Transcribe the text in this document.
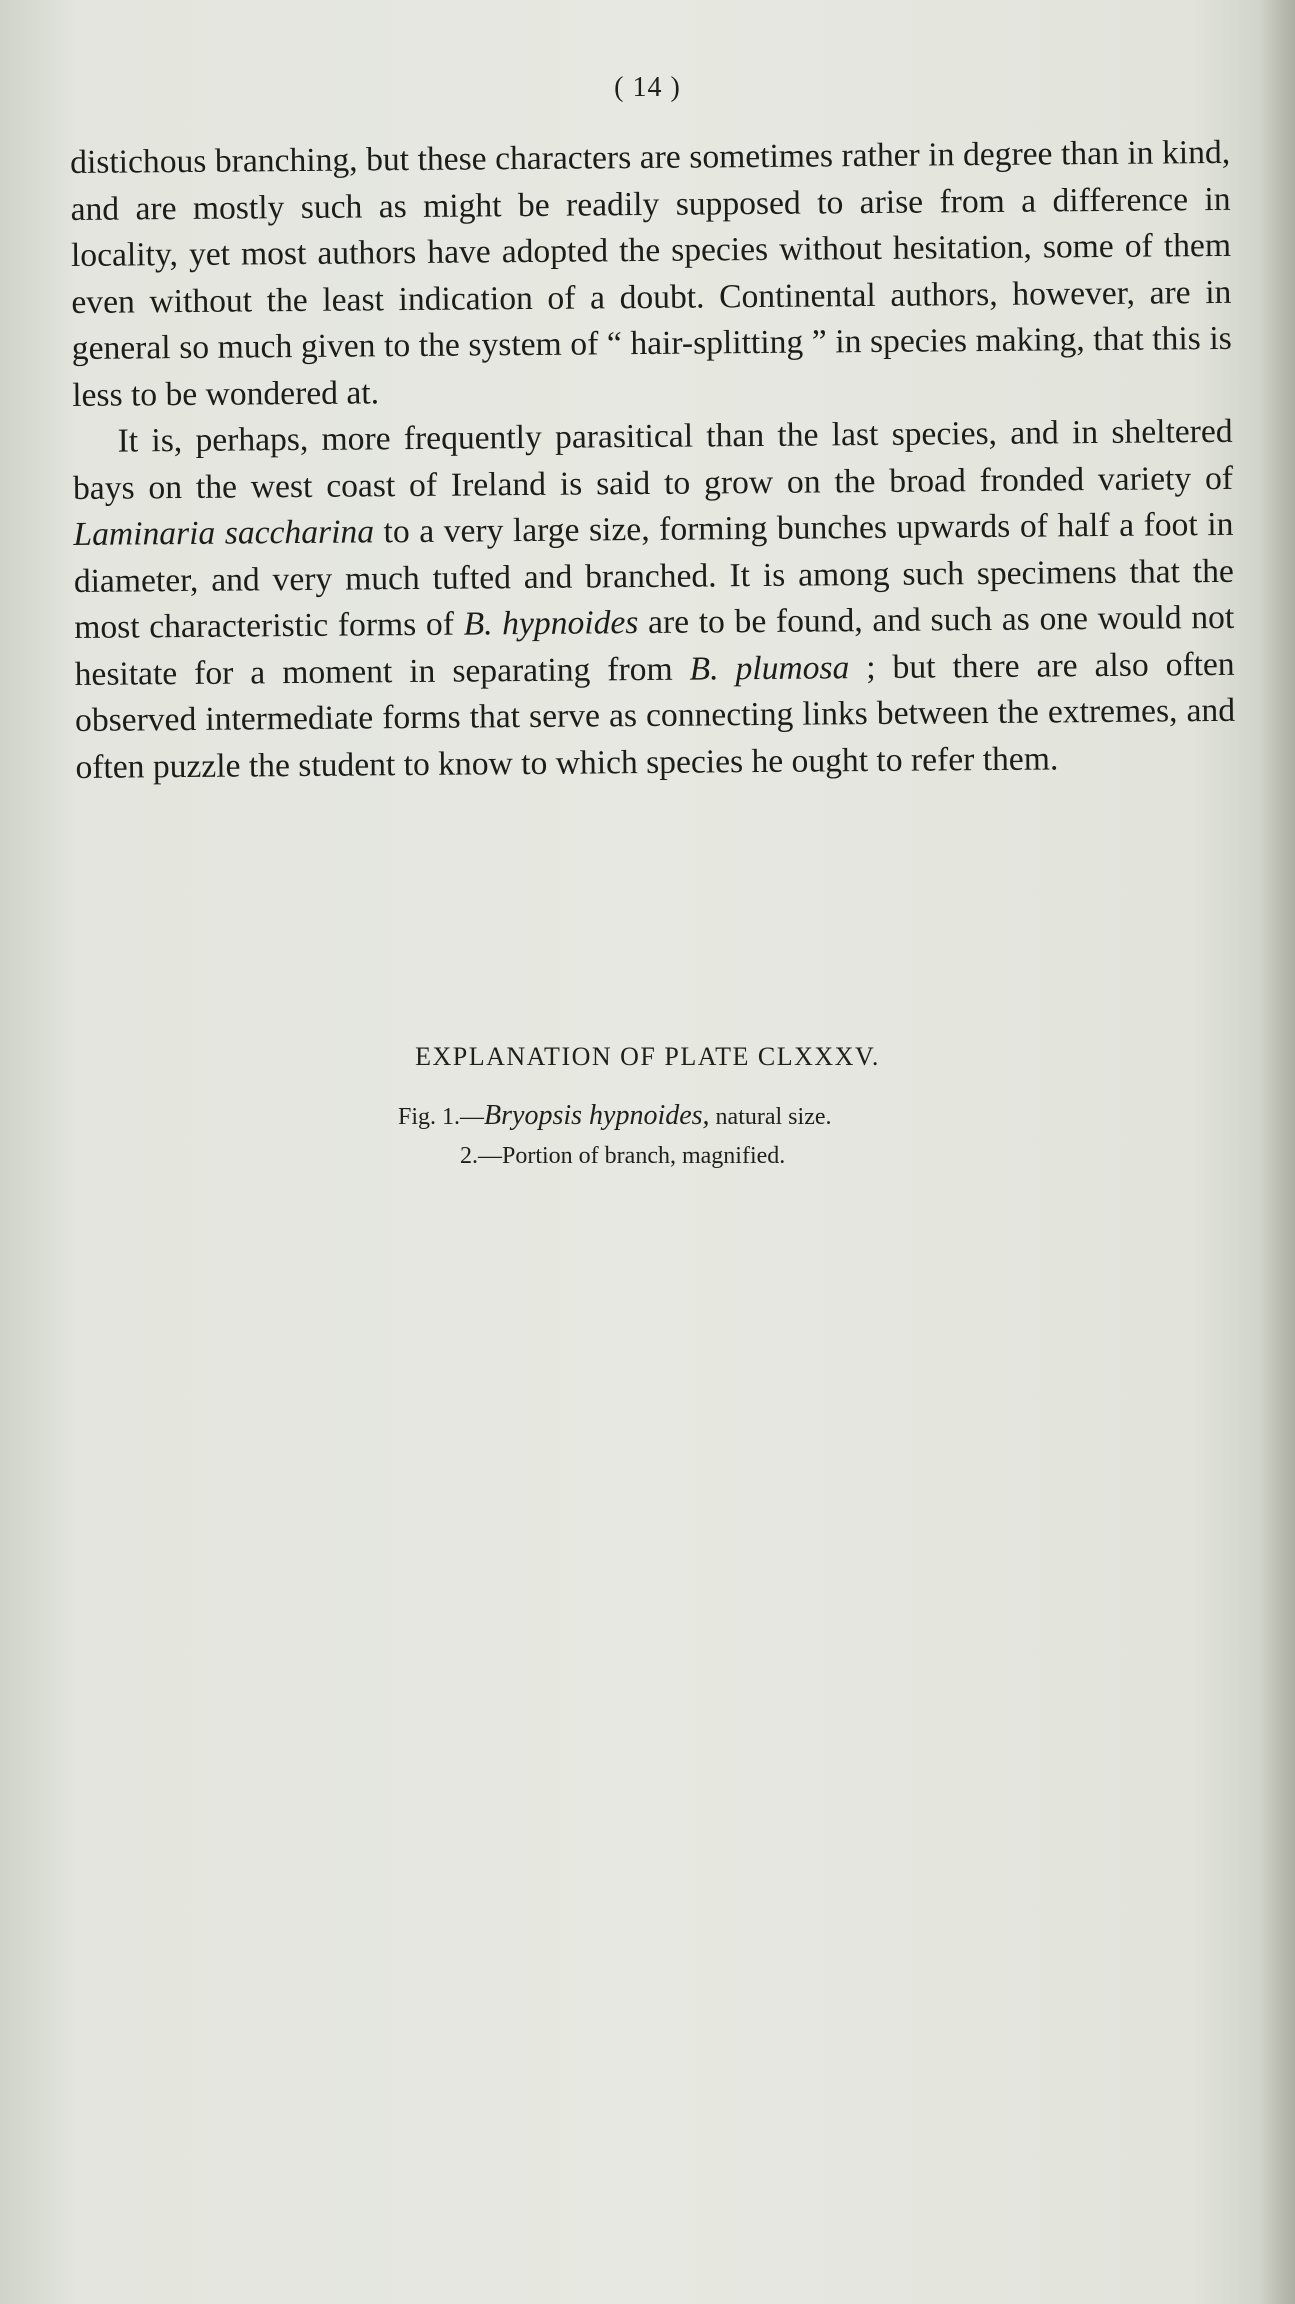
( 14 )

distichous branching, but these characters are sometimes rather in degree than in kind, and are mostly such as might be readily supposed to arise from a difference in locality, yet most authors have adopted the species without hesitation, some of them even without the least indication of a doubt. Continental authors, however, are in general so much given to the system of “ hair-splitting ” in species making, that this is less to be wondered at.

It is, perhaps, more frequently parasitical than the last species, and in sheltered bays on the west coast of Ireland is said to grow on the broad fronded variety of Laminaria saccharina to a very large size, forming bunches upwards of half a foot in diameter, and very much tufted and branched. It is among such specimens that the most characteristic forms of B. hypnoides are to be found, and such as one would not hesitate for a moment in separating from B. plumosa ; but there are also often observed intermediate forms that serve as connecting links between the extremes, and often puzzle the student to know to which species he ought to refer them.

EXPLANATION OF PLATE CLXXXV.
Fig. 1.—Bryopsis hypnoides, natural size.
2.—Portion of branch, magnified.
